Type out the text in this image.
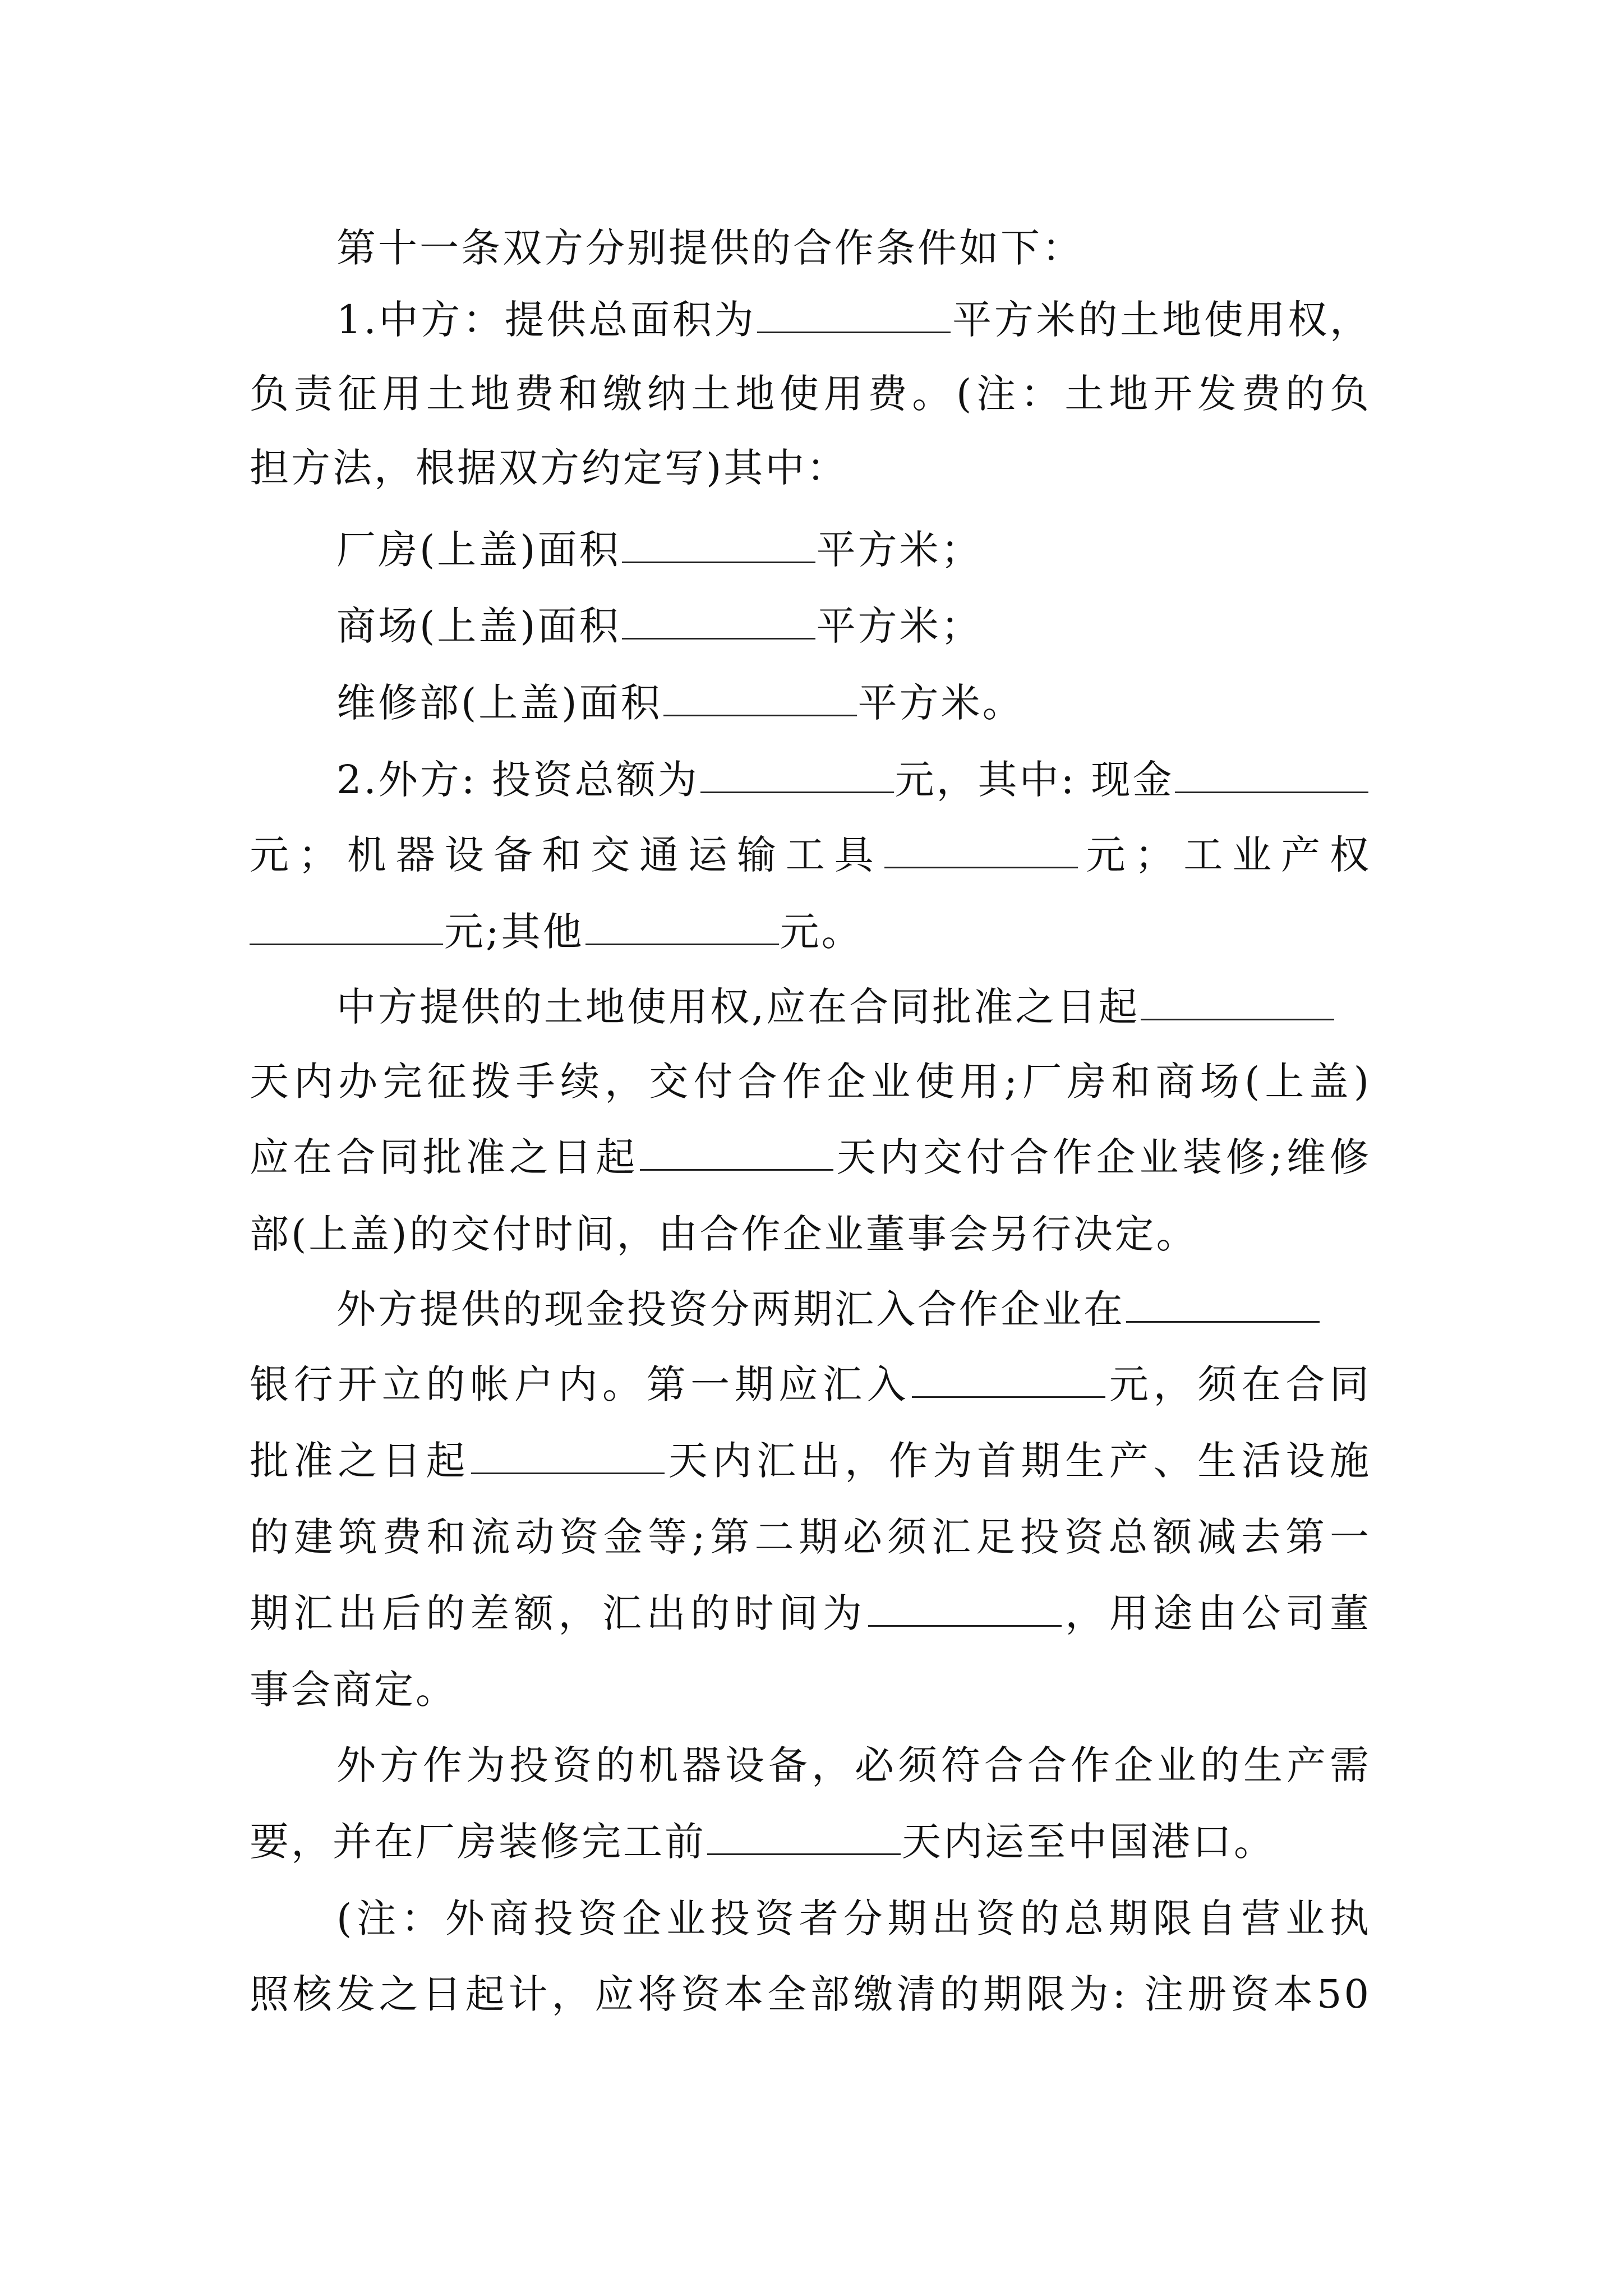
第十一条双方分别提供的合作条件如下：
1.中方：提供总面积为	平方米的土地使用权，
负责征用土地费和缴纳土地使用费。(注：土地开发费的负
担方法，根据双方约定写)其中：
厂房(上盖)面积	平方米；
商场(上盖)面积	平方米；
维修部(上盖)面积	平方米。
2.外方: 投资总额为	元，其中: 现金
元；机器设备和交通运输工具	元；工业产权
元;其他	元。
中方提供的土地使用权,应在合同批准之日起
天内办完征拨手续，交付合作企业使用;厂房和商场(上盖)
应在合同批准之日起	天内交付合作企业装修;维修
部(上盖)的交付时间，由合作企业董事会另行决定。
外方提供的现金投资分两期汇入合作企业在
银行开立的帐户内。第一期应汇入	元，须在合同
批准之日起	天内汇出，作为首期生产、生活设施
的建筑费和流动资金等;第二期必须汇足投资总额减去第一
期汇出后的差额，汇出的时间为	，用途由公司董
事会商定。
外方作为投资的机器设备，必须符合合作企业的生产需
要，并在厂房装修完工前	天内运至中国港口。
(注：外商投资企业投资者分期出资的总期限自营业执
照核发之日起计，应将资本全部缴清的期限为: 注册资本50
